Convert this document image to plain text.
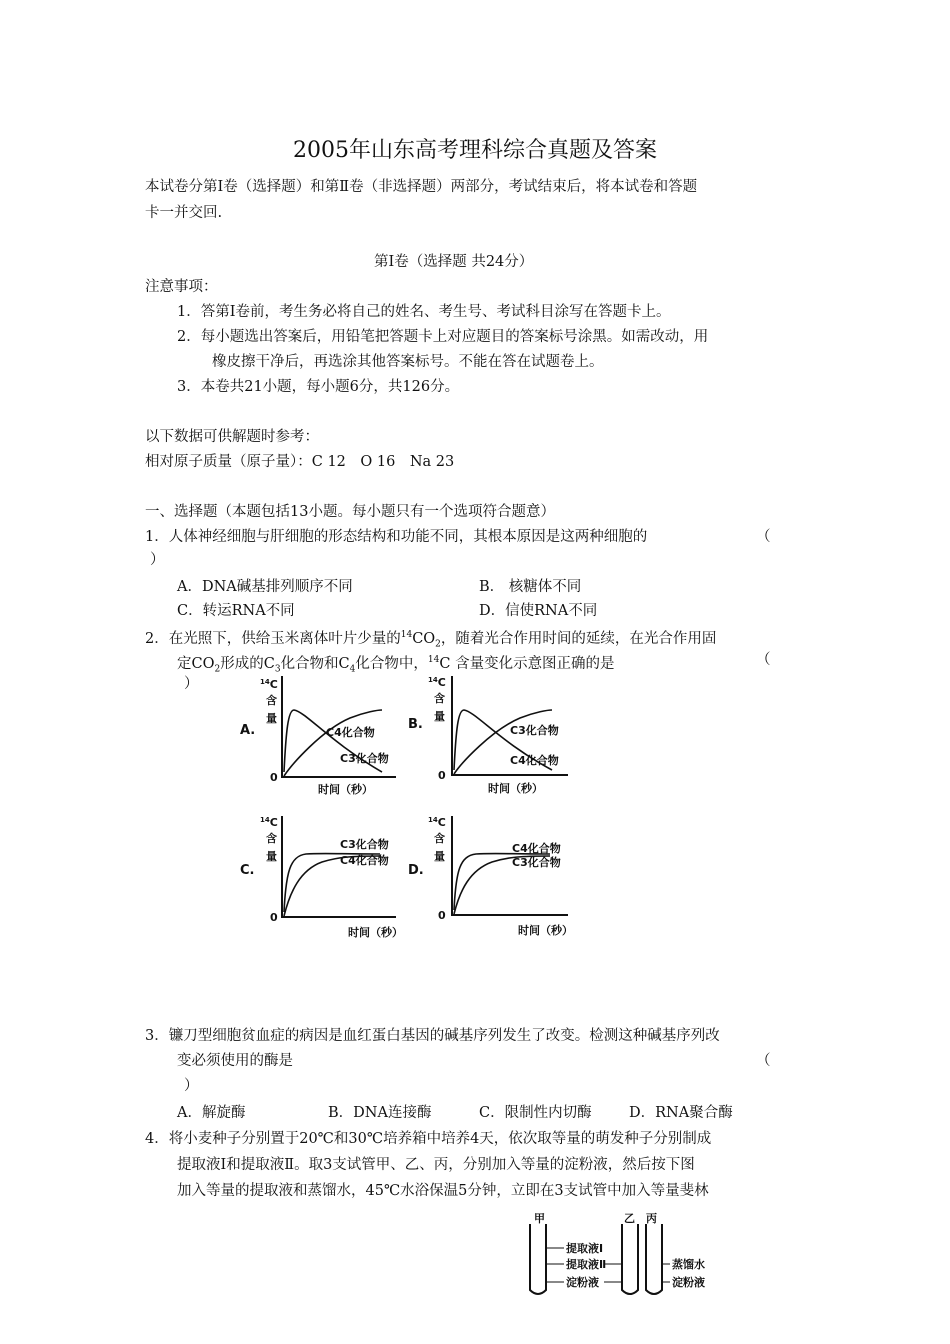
2005年山东高考理科综合真题及答案
本试卷分第Ⅰ卷（选择题）和第Ⅱ卷（非选择题）两部分，考试结束后，将本试卷和答题
卡一并交回.
第Ⅰ卷（选择题 共24分）
注意事项：
1．答第Ⅰ卷前，考生务必将自己的姓名、考生号、考试科目涂写在答题卡上。
2．每小题选出答案后，用铅笔把答题卡上对应题目的答案标号涂黑。如需改动，用
橡皮擦干净后，再选涂其他答案标号。不能在答在试题卷上。
3．本卷共21小题，每小题6分，共126分。
以下数据可供解题时参考：
相对原子质量（原子量）：C 12　O 16　Na 23
一、选择题（本题包括13小题。每小题只有一个选项符合题意）
1．人体神经细胞与肝细胞的形态结构和功能不同，其根本原因是这两种细胞的	（
）
A．DNA碱基排列顺序不同	B． 核糖体不同
C．转运RNA不同	D．信使RNA不同
2．在光照下，供给玉米离体叶片少量的$^{14}CO_2$，随着光合作用时间的延续，在光合作用固
定$CO_2$形成的$C_3$化合物和$C_4$化合物中，$^{14}$C 含量变化示意图正确的是	（
）
A.
$^{14}$C
含
量
0
C4化合物
C3化合物
时间（秒）
B.
$^{14}$C
含
量
0
C3化合物
C4化合物
时间（秒）
C.
$^{14}$C
含
量
0
C3化合物
C4化合物
时间（秒）
D.
$^{14}$C
含
量
0
C4化合物
C3化合物
时间（秒）
3．镰刀型细胞贫血症的病因是血红蛋白基因的碱基序列发生了改变。检测这种碱基序列改
变必须使用的酶是	（
）
A．解旋酶	B．DNA连接酶	C．限制性内切酶	D．RNA聚合酶
4．将小麦种子分别置于20℃和30℃培养箱中培养4天，依次取等量的萌发种子分别制成
提取液Ⅰ和提取液Ⅱ。取3支试管甲、乙、丙，分别加入等量的淀粉液，然后按下图
加入等量的提取液和蒸馏水，45℃水浴保温5分钟，立即在3支试管中加入等量斐林
甲	乙 丙
提取液Ⅰ
提取液Ⅱ
淀粉液
蒸馏水
淀粉液
